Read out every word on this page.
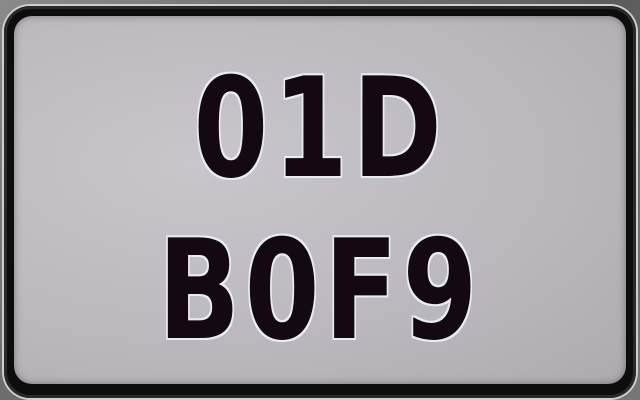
01D
B0F9
